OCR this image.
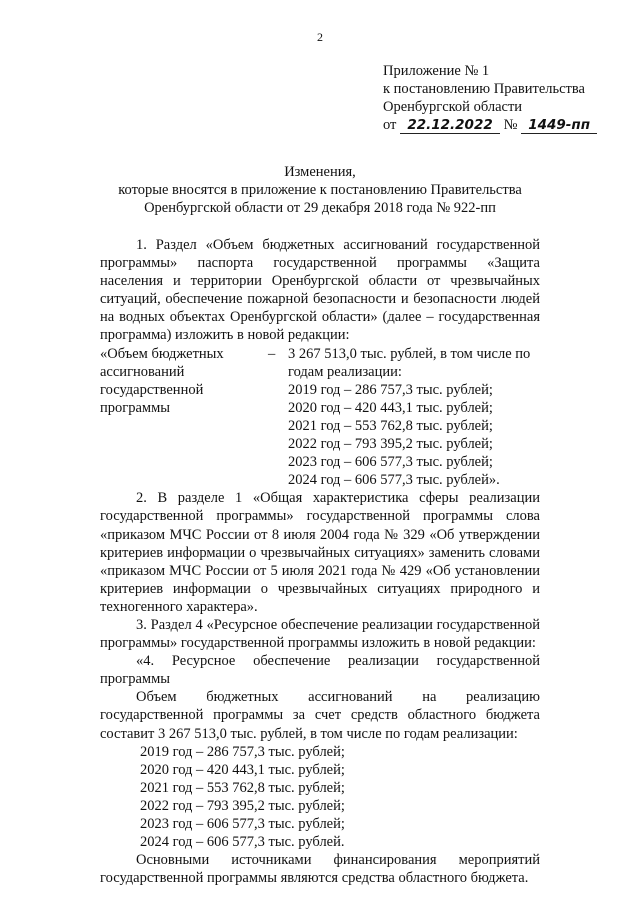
2
Приложение № 1
к постановлению Правительства
Оренбургской области
от 22.12.2022 № 1449-пп
Изменения,
которые вносятся в приложение к постановлению Правительства
Оренбургской области от 29 декабря 2018 года № 922-пп

1. Раздел «Объем бюджетных ассигнований государственной программы» паспорта государственной программы «Защита населения и территории Оренбургской области от чрезвычайных ситуаций, обеспечение пожарной безопасности и безопасности людей на водных объектах Оренбургской области» (далее – государственная программа) изложить в новой редакции:

«Объем бюджетных ассигнований государственной программы
– 3 267 513,0 тыс. рублей, в том числе по годам реализации:
2019 год – 286 757,3 тыс. рублей;
2020 год – 420 443,1 тыс. рублей;
2021 год – 553 762,8 тыс. рублей;
2022 год – 793 395,2 тыс. рублей;
2023 год – 606 577,3 тыс. рублей;
2024 год – 606 577,3 тыс. рублей».

2. В разделе 1 «Общая характеристика сферы реализации государственной программы» государственной программы слова «приказом МЧС России от 8 июля 2004 года № 329 «Об утверждении критериев информации о чрезвычайных ситуациях» заменить словами «приказом МЧС России от 5 июля 2021 года № 429 «Об установлении критериев информации о чрезвычайных ситуациях природного и техногенного характера».

3. Раздел 4 «Ресурсное обеспечение реализации государственной программы» государственной программы изложить в новой редакции:

«4. Ресурсное обеспечение реализации государственной программы

Объем бюджетных ассигнований на реализацию государственной программы за счет средств областного бюджета составит 3 267 513,0 тыс. рублей, в том числе по годам реализации:

2019 год – 286 757,3 тыс. рублей;
2020 год – 420 443,1 тыс. рублей;
2021 год – 553 762,8 тыс. рублей;
2022 год – 793 395,2 тыс. рублей;
2023 год – 606 577,3 тыс. рублей;
2024 год – 606 577,3 тыс. рублей.

Основными источниками финансирования мероприятий государственной программы являются средства областного бюджета.
